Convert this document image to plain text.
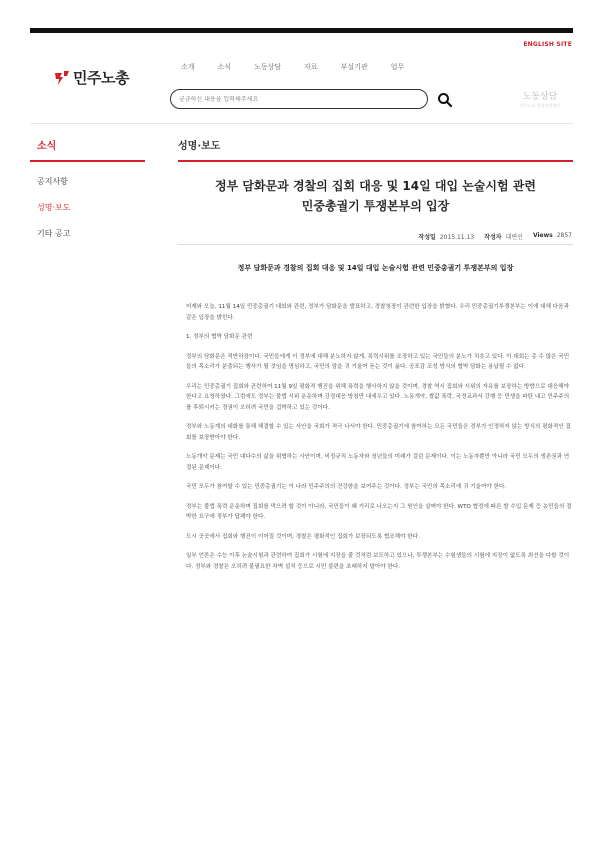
ENGLISH SITE
민주노총
소개	소식	노동상담	자료	부설기관	업무
궁금하신 내용을 입력해주세요
노동상담
민주노총 법률지원센터
소식
공지사항
성명·보도
기타 공고
성명·보도
정부 담화문과 경찰의 집회 대응 및 14일 대입 논술시험 관련
민중총궐기 투쟁본부의 입장
작성일 2015.11.13 작성자 대변인 Views 2857
정부 담화문과 경찰의 집회 대응 및 14일 대입 논술시험 관련 민중총궐기 투쟁본부의 입장

어제와 오늘, 11월 14일 민중총궐기 대회와 관련, 정부가 담화문을 발표하고, 경찰청장이 관련한 입장을 밝혔다. 우리 민중총궐기투쟁본부는 이에 대해 다음과 같은 입장을 밝힌다.

1. 정부의 협박 담화문 관련

정부의 담화문은 적반하장이다. 국민들에게 이 정부에 대해 분노하지 않게, 폭력시위를 조장하고 있는 국민들의 분노가 치솟고 있다. 이 대회는 총 수 많은 국민들의 목소리가 분출되는 행사가 될 것임을 명심하고, 국민의 말을 귀 기울여 듣는 것이 옳다. 공포감 조성 방식의 협박 담화는 용납될 수 없다.

우리는 민중총궐기 집회와 관련하여 11월 9일 평화적 행진을 위해 폭력을 행사하지 않을 것이며, 경찰 역시 집회와 시위의 자유를 보장하는 방향으로 대응해야 한다고 요청하였다. 그럼에도 정부는 불법 시위 운운하며 강경대응 방침만 내세우고 있다. 노동개악, 쌀값 폭락, 국정교과서 강행 등 민생을 파탄 내고 민주주의를 후퇴시키는 정권이 오히려 국민을 겁박하고 있는 것이다.

정부와 노동계의 대화를 통해 해결할 수 있는 사안을 국회가 적극 나서야 한다. 민중총궐기에 참여하는 모든 국민들은 정부가 인정하지 않는 방식의 평화적인 집회를 보장받아야 한다.

노동개악 문제는 국민 대다수의 삶을 위협하는 사안이며, 비정규직 노동자와 청년들의 미래가 걸린 문제이다. 이는 노동자뿐만 아니라 국민 모두의 생존권과 연결된 문제이다.

국민 모두가 참여할 수 있는 민중총궐기는 이 나라 민주주의의 건강함을 보여주는 것이다. 정부는 국민의 목소리에 귀 기울여야 한다.

정부는 불법 폭력 운운하며 집회를 막으려 할 것이 아니라, 국민들이 왜 거리로 나오는지 그 원인을 살펴야 한다. WTO 협정에 따른 쌀 수입 문제 등 농민들의 절박한 요구에 정부가 답해야 한다.

도시 곳곳에서 집회와 행진이 이어질 것이며, 경찰은 평화적인 집회가 보장되도록 협조해야 한다.

일부 언론은 수능 이후 논술시험과 관련하여 집회가 시험에 지장을 줄 것처럼 보도하고 있으나, 투쟁본부는 수험생들의 시험에 지장이 없도록 최선을 다할 것이다. 정부와 경찰은 오히려 불필요한 차벽 설치 등으로 시민 불편을 초래하지 말아야 한다.
